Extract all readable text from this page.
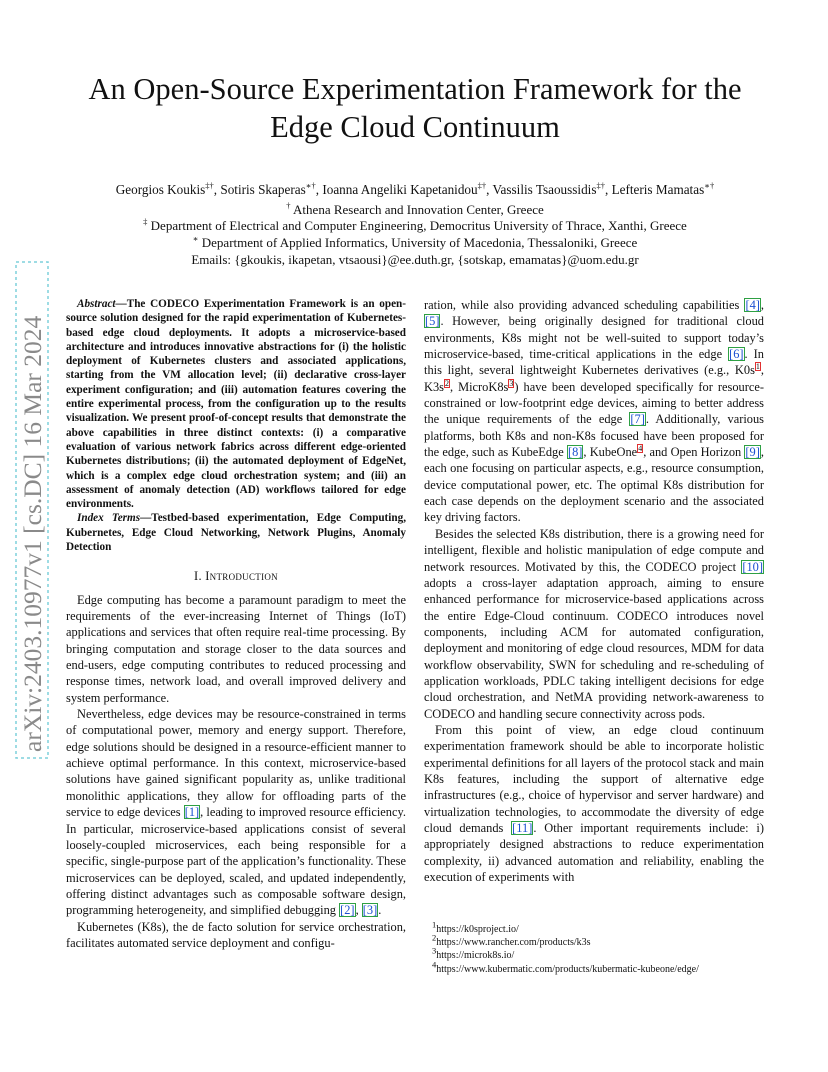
arXiv:2403.10977v1 [cs.DC] 16 Mar 2024
An Open-Source Experimentation Framework for the Edge Cloud Continuum
Georgios Koukis‡†, Sotiris Skaperas∗†, Ioanna Angeliki Kapetanidou‡†, Vassilis Tsaoussidis‡†, Lefteris Mamatas∗†
† Athena Research and Innovation Center, Greece
‡ Department of Electrical and Computer Engineering, Democritus University of Thrace, Xanthi, Greece
∗ Department of Applied Informatics, University of Macedonia, Thessaloniki, Greece
Emails: {gkoukis, ikapetan, vtsaousi}@ee.duth.gr, {sotskap, emamatas}@uom.edu.gr

Abstract—The CODECO Experimentation Framework is an open-source solution designed for the rapid experimentation of Kubernetes-based edge cloud deployments. It adopts a microservice-based architecture and introduces innovative abstractions for (i) the holistic deployment of Kubernetes clusters and associated applications, starting from the VM allocation level; (ii) declarative cross-layer experiment configuration; and (iii) automation features covering the entire experimental process, from the configuration up to the results visualization. We present proof-of-concept results that demonstrate the above capabilities in three distinct contexts: (i) a comparative evaluation of various network fabrics across different edge-oriented Kubernetes distributions; (ii) the automated deployment of EdgeNet, which is a complex edge cloud orchestration system; and (iii) an assessment of anomaly detection (AD) workflows tailored for edge environments.

Index Terms—Testbed-based experimentation, Edge Computing, Kubernetes, Edge Cloud Networking, Network Plugins, Anomaly Detection

I. Introduction

Edge computing has become a paramount paradigm to meet the requirements of the ever-increasing Internet of Things (IoT) applications and services that often require real-time processing. By bringing computation and storage closer to the data sources and end-users, edge computing contributes to reduced processing and response times, network load, and overall improved delivery and system performance.

Nevertheless, edge devices may be resource-constrained in terms of computational power, memory and energy support. Therefore, edge solutions should be designed in a resource-efficient manner to achieve optimal performance. In this context, microservice-based solutions have gained significant popularity as, unlike traditional monolithic applications, they allow for offloading parts of the service to edge devices [1], leading to improved resource efficiency. In particular, microservice-based applications consist of several loosely-coupled microservices, each being responsible for a specific, single-purpose part of the application’s functionality. These microservices can be deployed, scaled, and updated independently, offering distinct advantages such as composable software design, programming heterogeneity, and simplified debugging [2], [3].

Kubernetes (K8s), the de facto solution for service orchestration, facilitates automated service deployment and configu-

ration, while also providing advanced scheduling capabilities [4], [5]. However, being originally designed for traditional cloud environments, K8s might not be well-suited to support today’s microservice-based, time-critical applications in the edge [6]. In this light, several lightweight Kubernetes derivatives (e.g., K0s$^1$, K3s$^2$, MicroK8s$^3$) have been developed specifically for resource-constrained or low-footprint edge devices, aiming to better address the unique requirements of the edge [7]. Additionally, various platforms, both K8s and non-K8s focused have been proposed for the edge, such as KubeEdge [8], KubeOne$^4$, and Open Horizon [9], each one focusing on particular aspects, e.g., resource consumption, device computational power, etc. The optimal K8s distribution for each case depends on the deployment scenario and the associated key driving factors.

Besides the selected K8s distribution, there is a growing need for intelligent, flexible and holistic manipulation of edge compute and network resources. Motivated by this, the CODECO project [10] adopts a cross-layer adaptation approach, aiming to ensure enhanced performance for microservice-based applications across the entire Edge-Cloud continuum. CODECO introduces novel components, including ACM for automated configuration, deployment and monitoring of edge cloud resources, MDM for data workflow observability, SWN for scheduling and re-scheduling of application workloads, PDLC taking intelligent decisions for edge cloud orchestration, and NetMA providing network-awareness to CODECO and handling secure connectivity across pods.

From this point of view, an edge cloud continuum experimentation framework should be able to incorporate holistic experimental definitions for all layers of the protocol stack and main K8s features, including the support of alternative edge infrastructures (e.g., choice of hypervisor and server hardware) and virtualization technologies, to accommodate the diversity of edge cloud demands [11]. Other important requirements include: i) appropriately designed abstractions to reduce experimentation complexity, ii) advanced automation and reliability, enabling the execution of experiments with

$^1$https://k0sproject.io/
$^2$https://www.rancher.com/products/k3s
$^3$https://microk8s.io/
$^4$https://www.kubermatic.com/products/kubermatic-kubeone/edge/
